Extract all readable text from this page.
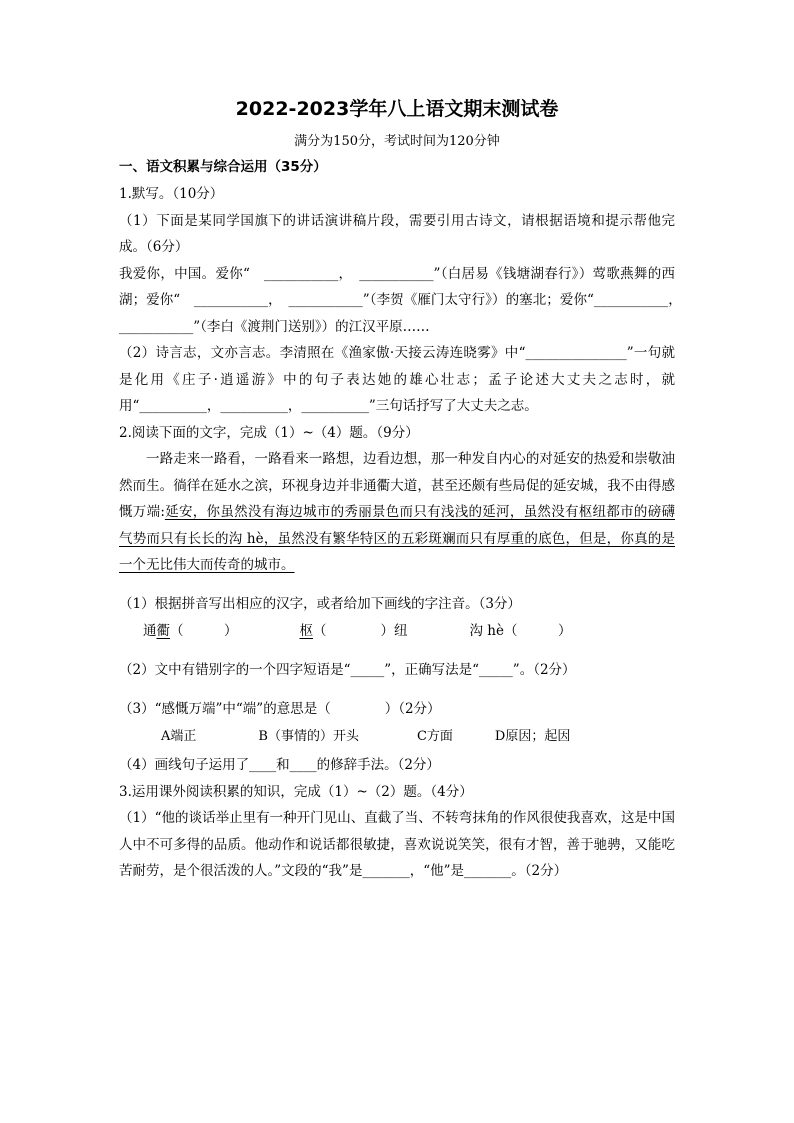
2022-2023学年八上语文期末测试卷
满分为150分，考试时间为120分钟
一、语文积累与综合运用（35分）

1.默写。（10分）

（1）下面是某同学国旗下的讲话演讲稿片段，需要引用古诗文，请根据语境和提示帮他完成。（6分）

我爱你，中国。爱你“　___________，　___________”（白居易《钱塘湖春行》）莺歌燕舞的西湖；爱你“　___________，　___________”（李贺《雁门太守行》）的塞北；爱你“___________，　___________”（李白《渡荆门送别》）的江汉平原……

（2）诗言志，文亦言志。李清照在《渔家傲·天接云涛连晓雾》中“_______________”一句就是化用《庄子·逍遥游》中的句子表达她的雄心壮志；孟子论述大丈夫之志时，就用“__________，__________，__________”三句话抒写了大丈夫之志。

2.阅读下面的文字，完成（1）~（4）题。（9分）

一路走来一路看，一路看来一路想，边看边想，那一种发自内心的对延安的热爱和崇敬油然而生。徜徉在延水之滨，环视身边并非通衢大道，甚至还颇有些局促的延安城，我不由得感慨万端:延安，你虽然没有海边城市的秀丽景色而只有浅浅的延河，虽然没有枢纽都市的磅礴气势而只有长长的沟 hè，虽然没有繁华特区的五彩斑斓而只有厚重的底色，但是，你真的是一个无比伟大而传奇的城市。

（1）根据拼音写出相应的汉字，或者给加下画线的字注音。（3分）

通衢（　　　）	枢（　　　　）纽	沟 hè（　　　）

（2）文中有错别字的一个四字短语是“_____”，正确写法是“_____”。（2分）

（3）“感慨万端”中“端”的意思是（　　　　）（2分）

A端正	B（事情的）开头	C方面	D原因；起因

（4）画线句子运用了____和____的修辞手法。（2分）

3.运用课外阅读积累的知识，完成（1）~（2）题。（4分）

（1）“他的谈话举止里有一种开门见山、直截了当、不转弯抹角的作风很使我喜欢，这是中国人中不可多得的品质。他动作和说话都很敏捷，喜欢说说笑笑，很有才智，善于驰骋，又能吃苦耐劳，是个很活泼的人。”文段的“我”是_______，“他”是_______。（2分）
